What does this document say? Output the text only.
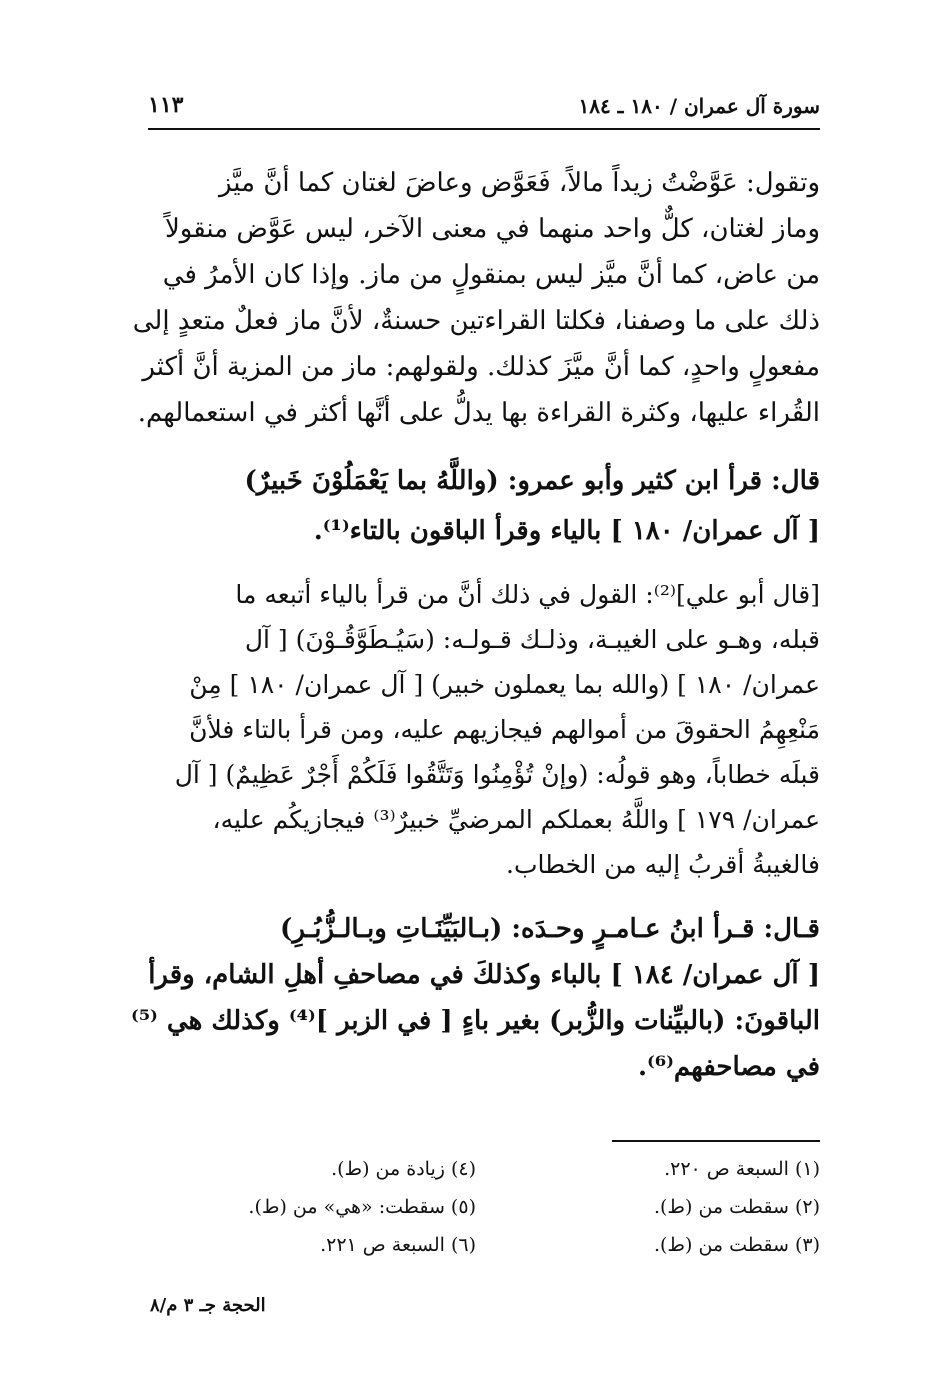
سورة آل عمران / ١٨٠ ـ ١٨٤
١١٣
وتقول: عَوَّضْتُ زيداً مالاً، فَعَوَّض وعاضَ لغتان كما أنَّ ميَّز
وماز لغتان، كلٌّ واحد منهما في معنى الآخر، ليس عَوَّض منقولاً
من عاض، كما أنَّ ميَّز ليس بمنقولٍ من ماز. وإذا كان الأمرُ في
ذلك على ما وصفنا، فكلتا القراءتين حسنةٌ، لأنَّ ماز فعلٌ متعدٍ إلى
مفعولٍ واحدٍ، كما أنَّ ميَّزَ كذلك. ولقولهم: ماز من المزية أنَّ أكثر
القُراء عليها، وكثرة القراءة بها يدلُّ على أنَّها أكثر في استعمالهم.
قال: قرأ ابن كثير وأبو عمرو: (واللَّهُ بما يَعْمَلُوْنَ خَبيرٌ)
[ آل عمران/ ١٨٠ ] بالياء وقرأ الباقون بالتاء⁽¹⁾.
[قال أبو علي]⁽²⁾: القول في ذلك أنَّ من قرأ بالياء أتبعه ما
قبله، وهـو على الغيبـة، وذلـك قـولـه: (سَيُـطَوَّقُـوْنَ) [ آل
عمران/ ١٨٠ ] (والله بما يعملون خبير) [ آل عمران/ ١٨٠ ] مِنْ
مَنْعِهِمُ الحقوقَ من أموالهم فيجازيهم عليه، ومن قرأ بالتاء فلأنَّ
قبلَه خطاباً، وهو قولُه: (وإنْ تُؤْمِنُوا وَتَتَّقُوا فَلَكُمْ أَجْرٌ عَظِيمٌ) [ آل
عمران/ ١٧٩ ] واللَّهُ بعملكم المرضيِّ خبيرٌ⁽³⁾ فيجازيكُم عليه،
فالغيبةُ أقربُ إليه من الخطاب.
قـال: قـرأ ابنُ عـامـرٍ وحـدَه: (بـالبَيِّنَـاتِ وبـالـزُّبُـرِ)
[ آل عمران/ ١٨٤ ] بالباء وكذلكَ في مصاحفِ أهلِ الشام، وقرأ
الباقونَ: (بالبيِّنات والزُّبر) بغير باءٍ [ في الزبر ]⁽⁴⁾ وكذلك هي ⁽⁵⁾
في مصاحفهم⁽⁶⁾.
(١) السبعة ص ٢٢٠.
(٢) سقطت من (ط).
(٣) سقطت من (ط).
(٤) زيادة من (ط).
(٥) سقطت: «هي» من (ط).
(٦) السبعة ص ٢٢١.
الحجة جـ ٣ م/٨
